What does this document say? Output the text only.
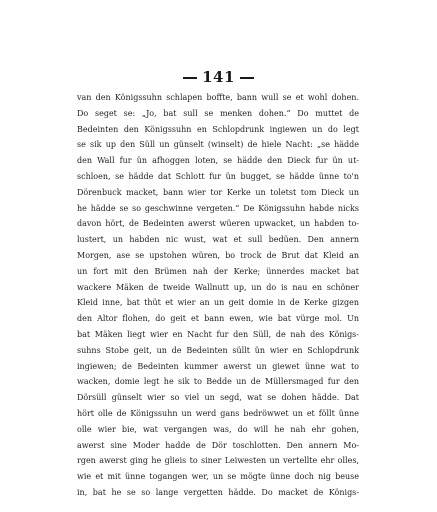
141
van den Königssuhn schlapen boffte, bann wull se et wohl dohen.
Do seget se: „Jo, bat sull se menken dohen.“ Do muttet de
Bedeinten den Königssuhn en Schlopdrunk ingiewen un do legt
se sik up den Süll un günselt (winselt) de hiele Nacht: „se hädde
den Wall fur ün afhoggen loten, se hädde den Dieck fur ün ut-
schloen, se hädde dat Schlott fur ün bugget, se hädde ünne to'n
Dörenbuck macket, bann wier tor Kerke un toletst tom Dieck un
he hädde se so geschwinne vergeten.“ De Königssuhn habde nicks
davon hört, de Bedeinten awerst wüeren upwacket, un habden to-
lustert, un habden nic wust, wat et sull bedüen. Den annern
Morgen, ase se upstohen würen, bo trock de Brut dat Kleid an
un fort mit den Brümen nah der Kerke; ünnerdes macket bat
wackere Mäken de tweide Wallnutt up, un do is nau en schöner
Kleid inne, bat thüt et wier an un geit domie in de Kerke gizgen
den Altor flohen, do geit et bann ewen, wie bat vürge mol. Un
bat Mäken liegt wier en Nacht fur den Süll, de nah des Königs-
suhns Stobe geit, un de Bedeinten süllt ün wier en Schlopdrunk
ingiewen; de Bedeinten kummer awerst un giewet ünne wat to
wacken, domie legt he sik to Bedde un de Müllersmaged fur den
Dörsüll günselt wier so viel un segd, wat se dohen hädde. Dat
hört olle de Königssuhn un werd gans bedröwwet un et föllt ünne
olle wier bie, wat vergangen was, do will he nah ehr gohen,
awerst sine Moder hadde de Dör toschlotten. Den annern Mo-
rgen awerst ging he glieis to siner Leiwesten un vertellte ehr olles,
wie et mit ünne togangen wer, un se mögte ünne doch nig beuse
in, bat he se so lange vergetten hädde. Do macket de Königs-
